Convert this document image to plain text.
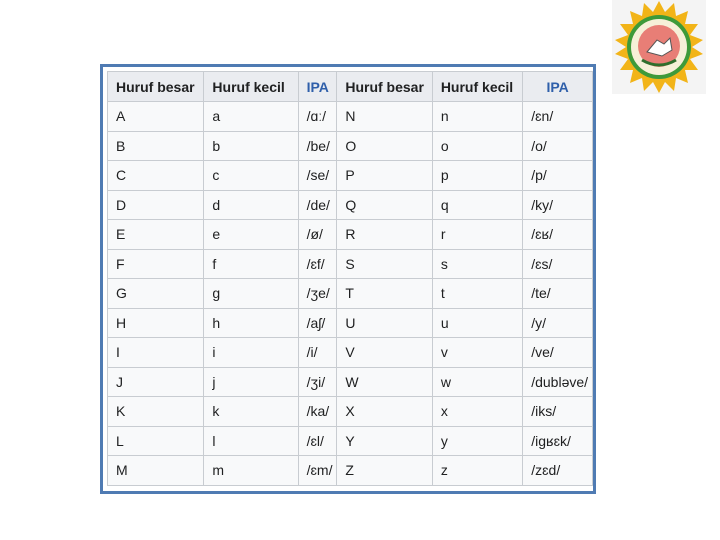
Huruf besar	Huruf kecil	IPA	Huruf besar	Huruf kecil	IPA
A	a	/ɑː/	N	n	/ɛn/
B	b	/be/	O	o	/o/
C	c	/se/	P	p	/p/
D	d	/de/	Q	q	/ky/
E	e	/ø/	R	r	/ɛʁ/
F	f	/ɛf/	S	s	/ɛs/
G	g	/ʒe/	T	t	/te/
H	h	/aʃ/	U	u	/y/
I	i	/i/	V	v	/ve/
J	j	/ʒi/	W	w	/dubləve/
K	k	/ka/	X	x	/iks/
L	l	/ɛl/	Y	y	/igʁɛk/
M	m	/ɛm/	Z	z	/zɛd/
